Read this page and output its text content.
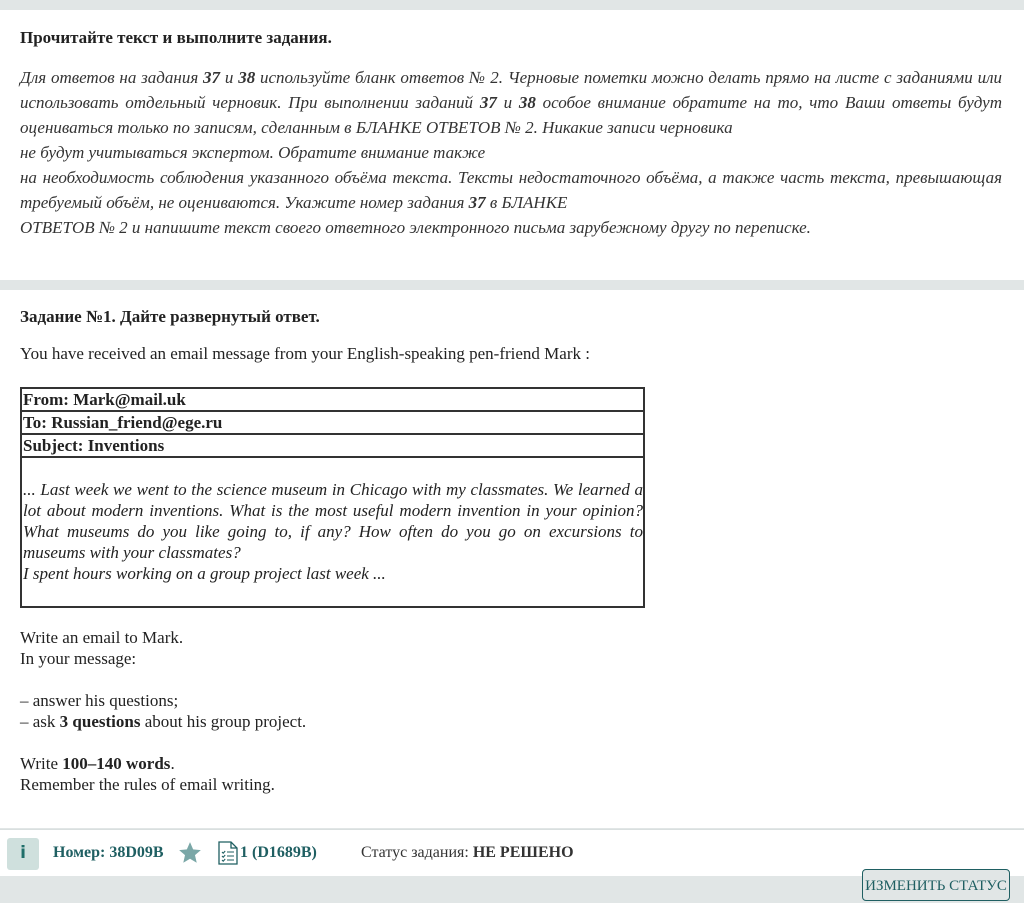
Прочитайте текст и выполните задания.

Для ответов на задания 37 и 38 используйте бланк ответов № 2. Черновые пометки можно делать прямо на листе с заданиями или использовать отдельный черновик. При выполнении заданий 37 и 38 особое внимание обратите на то, что Ваши ответы будут оцениваться только по записям, сделанным в БЛАНКЕ ОТВЕТОВ № 2. Никакие записи черновика

не будут учитываться экспертом. Обратите внимание также

на необходимость соблюдения указанного объёма текста. Тексты недостаточного объёма, а также часть текста, превышающая требуемый объём, не оцениваются. Укажите номер задания 37 в БЛАНКЕ

ОТВЕТОВ № 2 и напишите текст своего ответного электронного письма зарубежному другу по переписке.

Задание №1. Дайте развернутый ответ.
You have received an email message from your English-speaking pen-friend Mark :
From: Mark@mail.uk
To: Russian_friend@ege.ru
Subject: Inventions

... Last week we went to the science museum in Chicago with my classmates. We learned a lot about modern inventions. What is the most useful modern invention in your opinion? What museums do you like going to, if any? How often do you go on excursions to museums with your classmates?

I spent hours working on a group project last week ...

Write an email to Mark.

In your message:

– answer his questions;

– ask 3 questions about his group project.

Write 100–140 words.

Remember the rules of email writing.

i	Номер: 38D09B	1 (D1689B)	Статус задания: НЕ РЕШЕНО
ИЗМЕНИТЬ СТАТУС
